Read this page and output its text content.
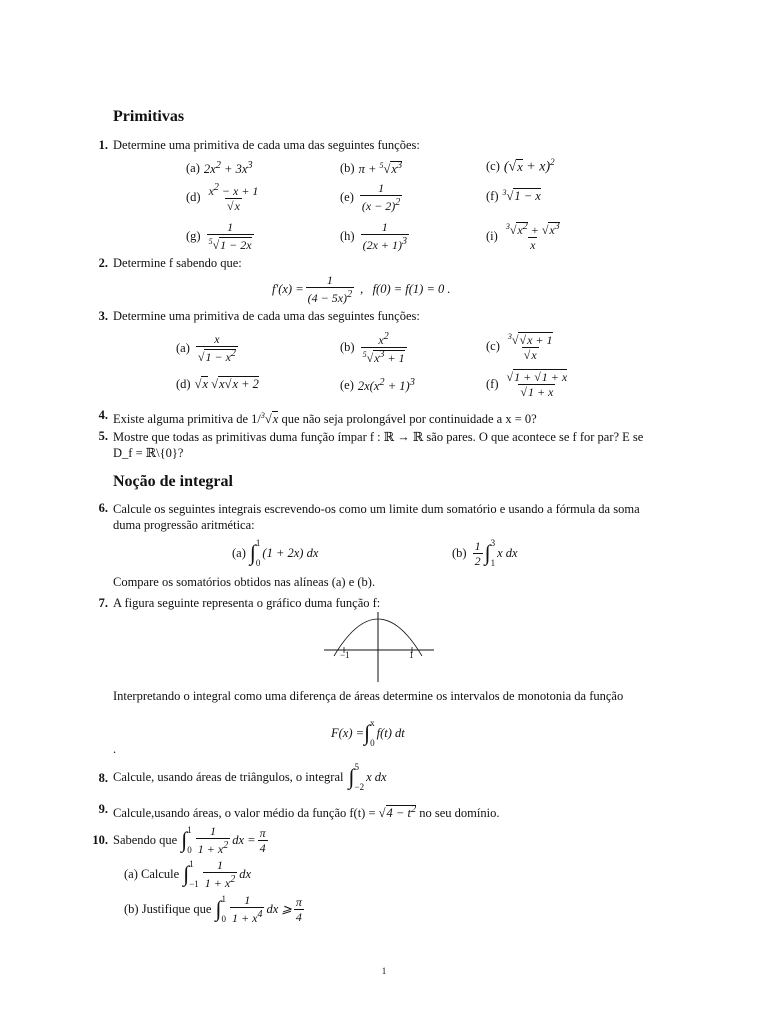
Primitivas
1. Determine uma primitiva de cada uma das seguintes funções:
(a) $2x^2 + 3x^3$	(b) $\pi + ^5√x^3$	(c) $(√x + x)^2$
$(d) \frac{x^2 - x + 1}{√x}$	$(e) \frac{1}{(x - 2)^2}$	(f) $^3$√1 − x
$(g) \frac{1}{^5√1 - 2x}$	$(h) \frac{1}{(2x + 1)^3}$	$(i) \frac{^3√x^2 + √x^3}{x}$
2. Determine f sabendo que:
$f'(x) = \frac{1}{(4 - 5x)^2}$ , f(0) = f(1) = 0 .
3. Determine uma primitiva de cada uma das seguintes funções:
$(a) \frac{x}{√1 - x^2}$	$(b) \frac{x^2}{^5√x^3 + 1}$	$(c) \frac{^3√√x + 1}{√x}$
(d) √x √x√x + 2	(e) $2x(x^2 + 1)^3$	$(f) \frac{√1 + √1 + x}{√1 + x}$
4. Existe alguma primitiva de 1/$^3$√x que não seja prolongável por continuidade a x = 0?
5. Mostre que todas as primitivas duma função ímpar f : ℝ → ℝ são pares. O que acontece se f for par? E se D_f = ℝ\{0}?
Noção de integral
6. Calcule os seguintes integrais escrevendo-os como um limite dum somatório e usando a fórmula da soma duma progressão aritmética:
(a) ∫ 1
0
(1 + 2x) dx	$(b) \frac{1}{2}$ ∫ 3
1
x dx
Compare os somatórios obtidos nas alíneas (a) e (b).
7. A figura seguinte representa o gráfico duma função f:
−1	1
Interpretando o integral como uma diferença de áreas determine os intervalos de monotonia da função
F(x) = ∫ x
0
f(t) dt
.
8. Calcule, usando áreas de triângulos, o integral ∫ 5
−2
x dx
9. Calcule,usando áreas, o valor médio da função $f(t) = √4 - t^2$ no seu domínio.
10. Sabendo que ∫ 1
$0 \frac{1}{1 + x^2}$ dx = $\frac{\pi}{4}$
(a) Calcule ∫ 1
$-1 \frac{1}{1 + x^2}$ dx
(b) Justifique que ∫ 1
$0 \frac{1}{1 + x^4}$ dx ⩾ $\frac{\pi}{4}$
1
